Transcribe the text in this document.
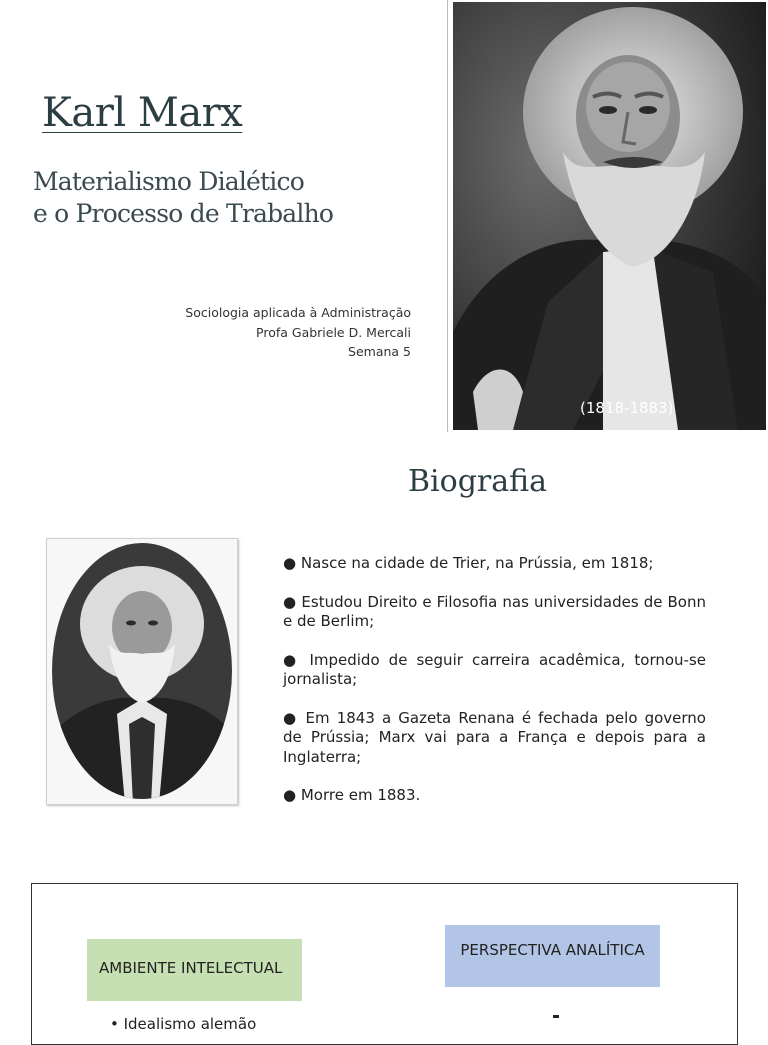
Karl Marx
Materialismo Dialético
e o Processo de Trabalho
Sociologia aplicada à Administração
Profa Gabriele D. Mercali
Semana 5
(1818-1883)
Biografia
● Nasce na cidade de Trier, na Prússia, em 1818;
● Estudou Direito e Filosofia nas universidades de Bonn e de Berlim;
● Impedido de seguir carreira acadêmica, tornou-se jornalista;
● Em 1843 a Gazeta Renana é fechada pelo governo de Prússia; Marx vai para a França e depois para a Inglaterra;
● Morre em 1883.
AMBIENTE INTELECTUAL
PERSPECTIVA ANALÍTICA
• Idealismo alemão
